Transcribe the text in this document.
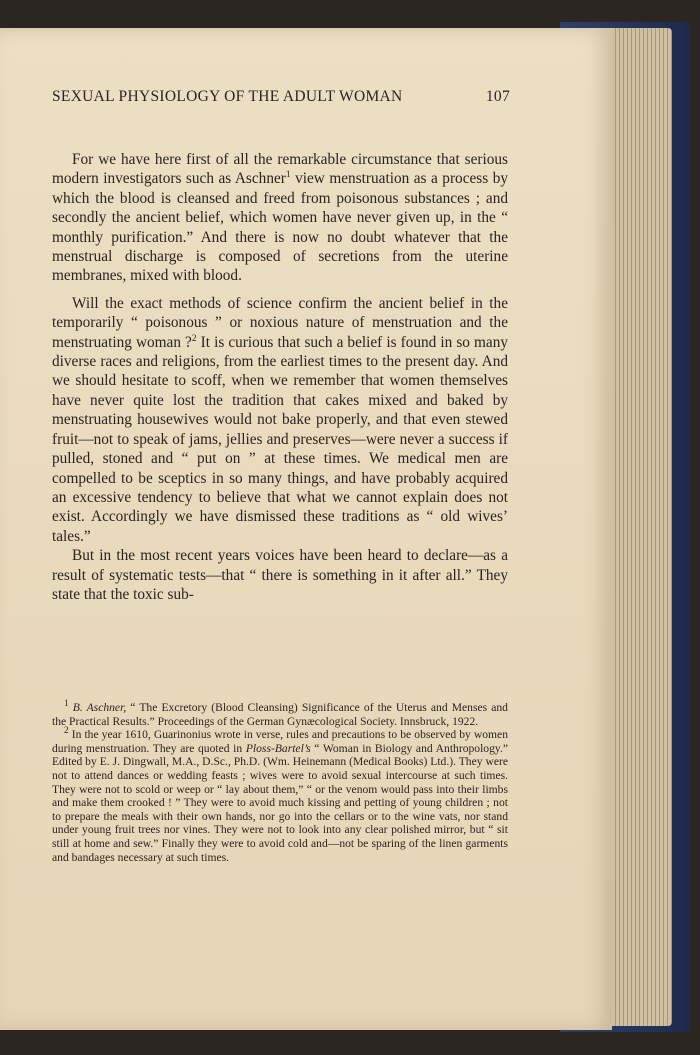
SEXUAL PHYSIOLOGY OF THE ADULT WOMAN	107

For we have here first of all the remarkable circumstance that serious modern investigators such as Aschner$^1$ view menstruation as a process by which the blood is cleansed and freed from poisonous substances ; and secondly the ancient belief, which women have never given up, in the “ monthly purification.” And there is now no doubt whatever that the menstrual discharge is composed of secretions from the uterine membranes, mixed with blood.

Will the exact methods of science confirm the ancient belief in the temporarily “ poisonous ” or noxious nature of menstruation and the menstruating woman ?$^2$ It is curious that such a belief is found in so many diverse races and religions, from the earliest times to the present day. And we should hesitate to scoff, when we remember that women themselves have never quite lost the tradition that cakes mixed and baked by menstruating housewives would not bake properly, and that even stewed fruit—not to speak of jams, jellies and preserves—were never a success if pulled, stoned and “ put on ” at these times. We medical men are compelled to be sceptics in so many things, and have probably acquired an excessive tendency to believe that what we cannot explain does not exist. Accordingly we have dismissed these traditions as “ old wives’ tales.”

But in the most recent years voices have been heard to declare—as a result of systematic tests—that “ there is something in it after all.” They state that the toxic sub-

$^1$ B. Aschner, “ The Excretory (Blood Cleansing) Significance of the Uterus and Menses and the Practical Results.” Proceedings of the German Gynæcological Society. Innsbruck, 1922.

$^2$ In the year 1610, Guarinonius wrote in verse, rules and precautions to be observed by women during menstruation. They are quoted in Ploss-Bartel’s “ Woman in Biology and Anthropology.” Edited by E. J. Dingwall, M.A., D.Sc., Ph.D. (Wm. Heinemann (Medical Books) Ltd.). They were not to attend dances or wedding feasts ; wives were to avoid sexual intercourse at such times. They were not to scold or weep or “ lay about them,” “ or the venom would pass into their limbs and make them crooked ! ” They were to avoid much kissing and petting of young children ; not to prepare the meals with their own hands, nor go into the cellars or to the wine vats, nor stand under young fruit trees nor vines. They were not to look into any clear polished mirror, but “ sit still at home and sew.” Finally they were to avoid cold and—not be sparing of the linen garments and bandages necessary at such times.
